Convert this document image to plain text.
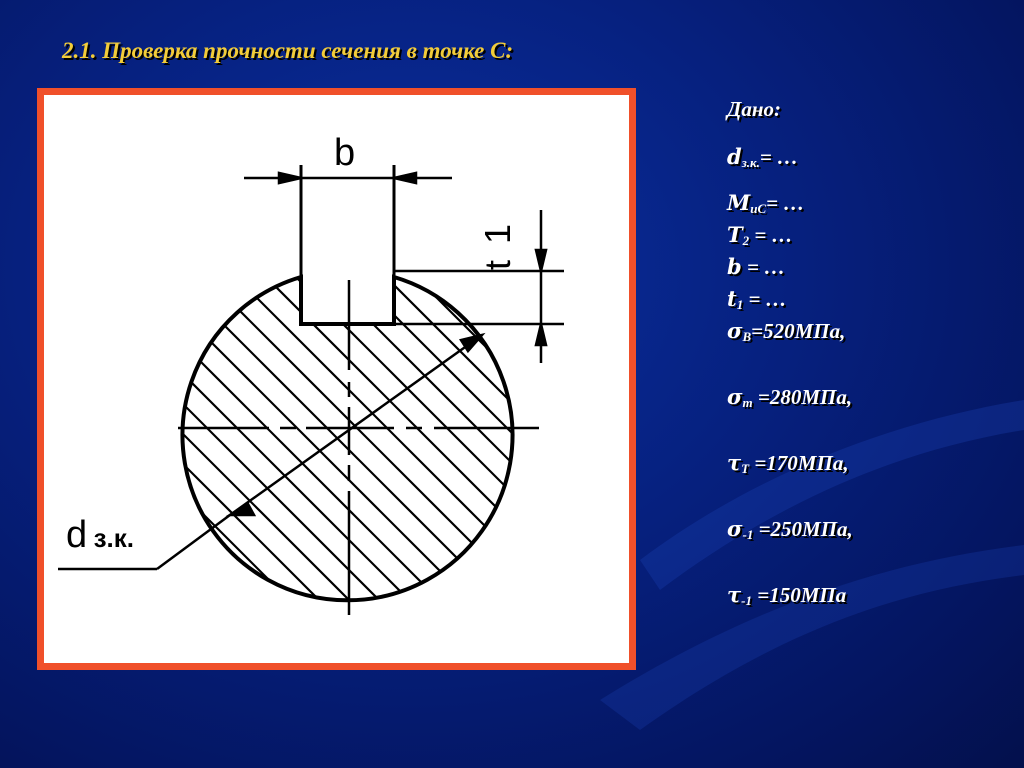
2.1. Проверка прочности сечения в точке С:
b
t 1
d з.к.
Дано:
$d_{з.к.}=$ …
$M_{иС}=$ …
$T_2$ = …
b = …
$t_1$ = …
$\sigma_В=520МПа$,
$\sigma_т =280МПа$,
$\tau_Т =170МПа$,
$\sigma_{-1} =250МПа$,
$\tau_{-1} =150МПа$
